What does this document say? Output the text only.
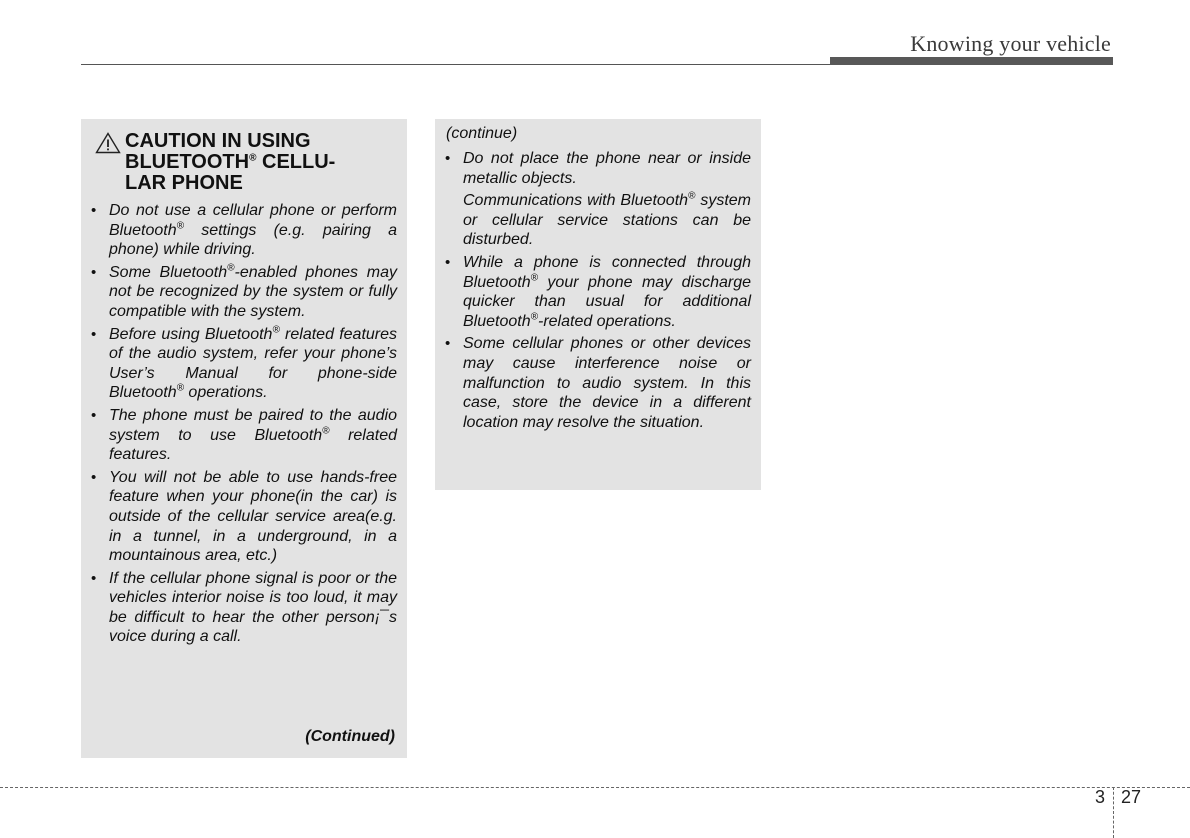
Knowing your vehicle
CAUTION IN USING
BLUETOOTH® CELLU-
LAR PHONE
• Do not use a cellular phone or perform Bluetooth® settings (e.g. pairing a phone) while driving.
• Some Bluetooth®-enabled phones may not be recognized by the system or fully compatible with the system.
• Before using Bluetooth® related features of the audio system, refer your phone’s User’s Manual for phone-side Bluetooth® operations.
• The phone must be paired to the audio system to use Bluetooth® related features.
• You will not be able to use hands-free feature when your phone(in the car) is outside of the cellular service area(e.g. in a tunnel, in a underground, in a mountainous area, etc.)
• If the cellular phone signal is poor or the vehicles interior noise is too loud, it may be difficult to hear the other person¡¯s voice during a call.
(Continued)
(continue)
• Do not place the phone near or inside metallic objects.
Communications with Bluetooth® system or cellular service stations can be disturbed.
• While a phone is connected through Bluetooth® your phone may discharge quicker than usual for additional Bluetooth®-related operations.
• Some cellular phones or other devices may cause interference noise or malfunction to audio system. In this case, store the device in a different location may resolve the situation.
3 27
